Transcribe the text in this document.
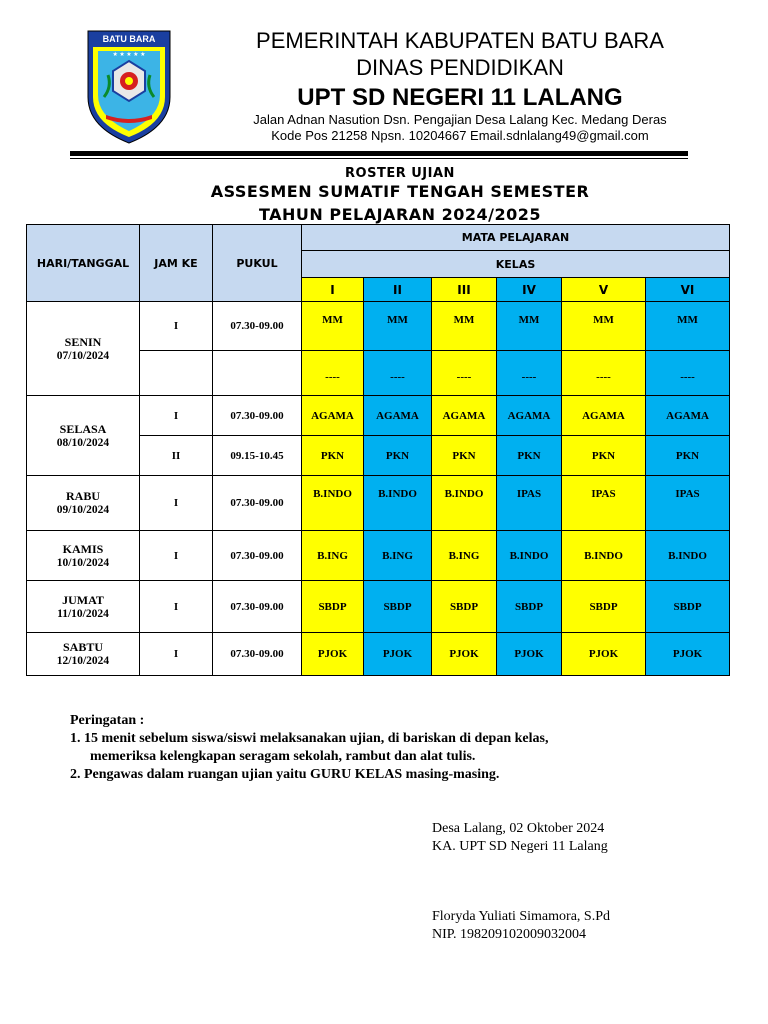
BATU BARA
★ ★ ★ ★ ★
PEMERINTAH KABUPATEN BATU BARA
DINAS PENDIDIKAN
UPT SD NEGERI 11 LALANG
Jalan Adnan Nasution Dsn. Pengajian Desa Lalang Kec. Medang Deras
Kode Pos 21258 Npsn. 10204667 Email.sdnlalang49@gmail.com
ROSTER UJIAN
ASSESMEN SUMATIF TENGAH SEMESTER
TAHUN PELAJARAN 2024/2025
HARI/TANGGAL	JAM KE	PUKUL	MATA PELAJARAN					
			KELAS					
			I	II	III	IV	V	VI

SENIN
07/10/2024	I	07.30-09.00	MM	MM	MM	MM	MM	MM
			----	----	----	----	----	----

SELASA
08/10/2024	I	07.30-09.00	AGAMA	AGAMA	AGAMA	AGAMA	AGAMA	AGAMA
	II	09.15-10.45	PKN	PKN	PKN	PKN	PKN	PKN

RABU
09/10/2024	I	07.30-09.00	B.INDO	B.INDO	B.INDO	IPAS	IPAS	IPAS

KAMIS
10/10/2024	I	07.30-09.00	B.ING	B.ING	B.ING	B.INDO	B.INDO	B.INDO

JUMAT
11/10/2024	I	07.30-09.00	SBDP	SBDP	SBDP	SBDP	SBDP	SBDP

SABTU
12/10/2024	I	07.30-09.00	PJOK	PJOK	PJOK	PJOK	PJOK	PJOK
Peringatan :
1. 15 menit sebelum siswa/siswi melaksanakan ujian, di bariskan di depan kelas,
memeriksa kelengkapan seragam sekolah, rambut dan alat tulis.
2. Pengawas dalam ruangan ujian yaitu GURU KELAS masing-masing.
Desa Lalang, 02 Oktober 2024
KA. UPT SD Negeri 11 Lalang
Floryda Yuliati Simamora, S.Pd
NIP. 198209102009032004
